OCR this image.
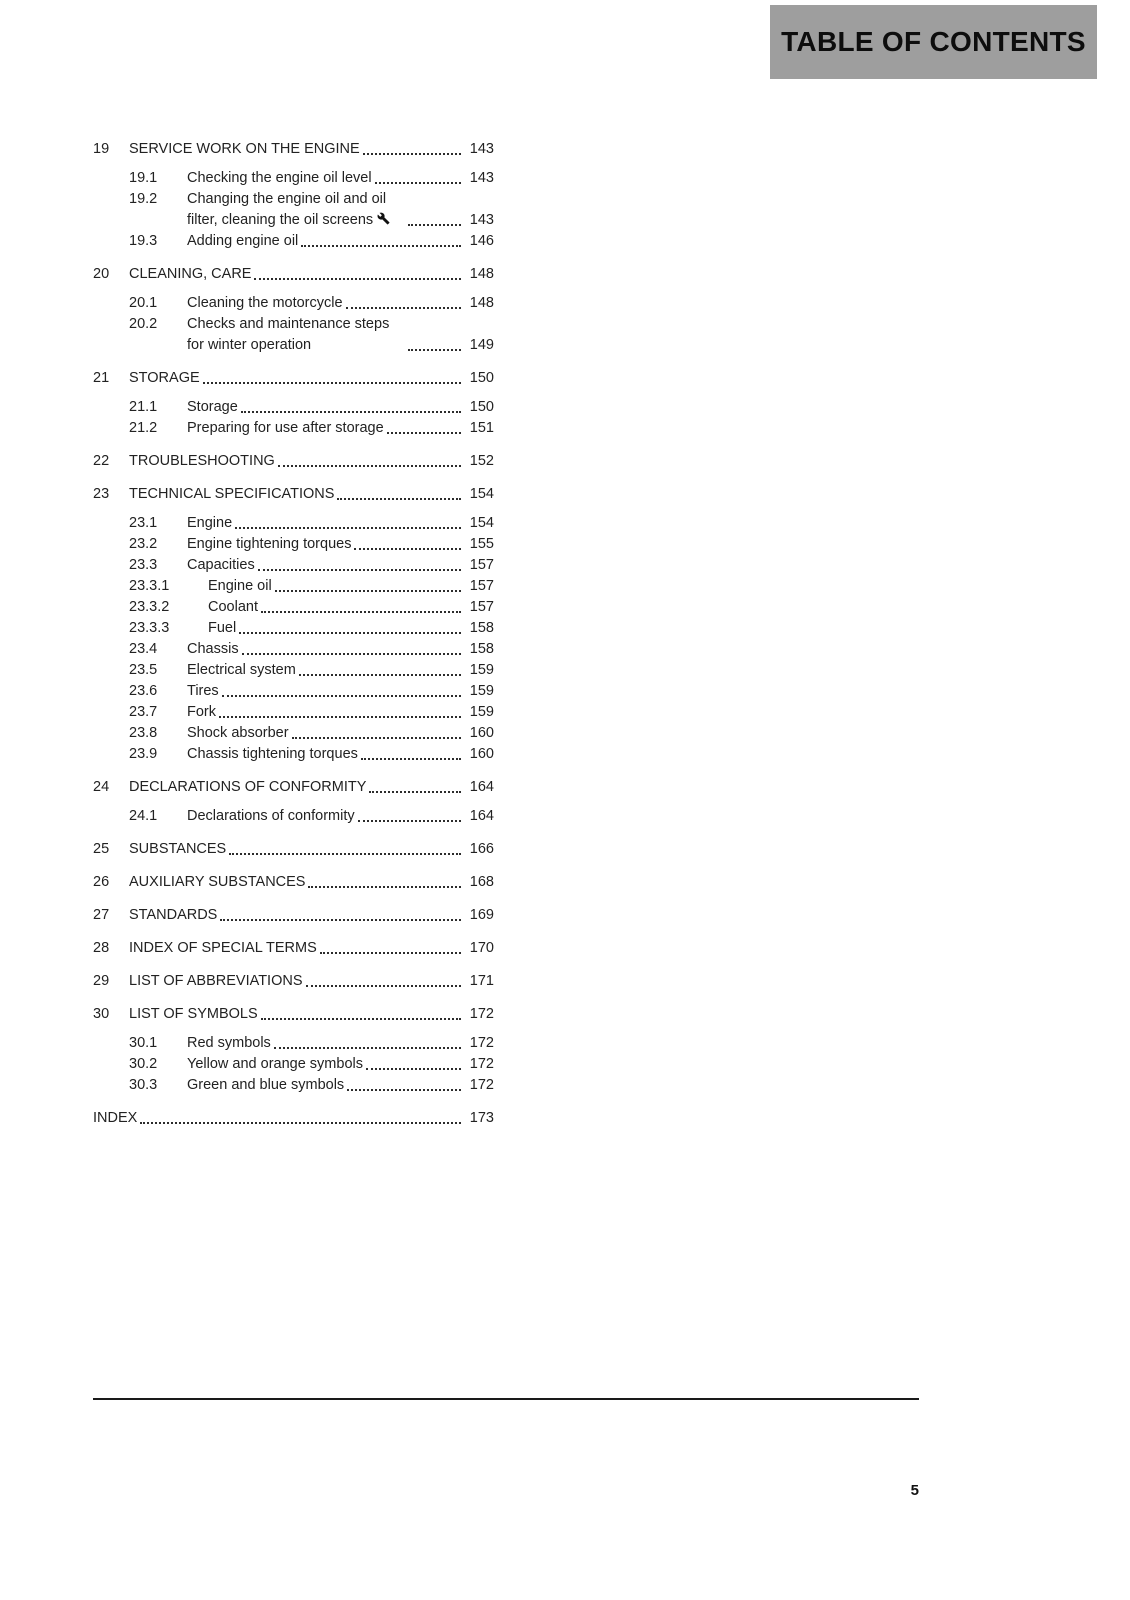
TABLE OF CONTENTS
19	SERVICE WORK ON THE ENGINE	143
19.1	Checking the engine oil level	143
19.2	Changing the engine oil and oil filter, cleaning the oil screens	143
19.3	Adding engine oil	146
20	CLEANING, CARE	148
20.1	Cleaning the motorcycle	148
20.2	Checks and maintenance steps for winter operation	149
21	STORAGE	150
21.1	Storage	150
21.2	Preparing for use after storage	151
22	TROUBLESHOOTING	152
23	TECHNICAL SPECIFICATIONS	154
23.1	Engine	154
23.2	Engine tightening torques	155
23.3	Capacities	157
23.3.1	Engine oil	157
23.3.2	Coolant	157
23.3.3	Fuel	158
23.4	Chassis	158
23.5	Electrical system	159
23.6	Tires	159
23.7	Fork	159
23.8	Shock absorber	160
23.9	Chassis tightening torques	160
24	DECLARATIONS OF CONFORMITY	164
24.1	Declarations of conformity	164
25	SUBSTANCES	166
26	AUXILIARY SUBSTANCES	168
27	STANDARDS	169
28	INDEX OF SPECIAL TERMS	170
29	LIST OF ABBREVIATIONS	171
30	LIST OF SYMBOLS	172
30.1	Red symbols	172
30.2	Yellow and orange symbols	172
30.3	Green and blue symbols	172
INDEX	173
5
